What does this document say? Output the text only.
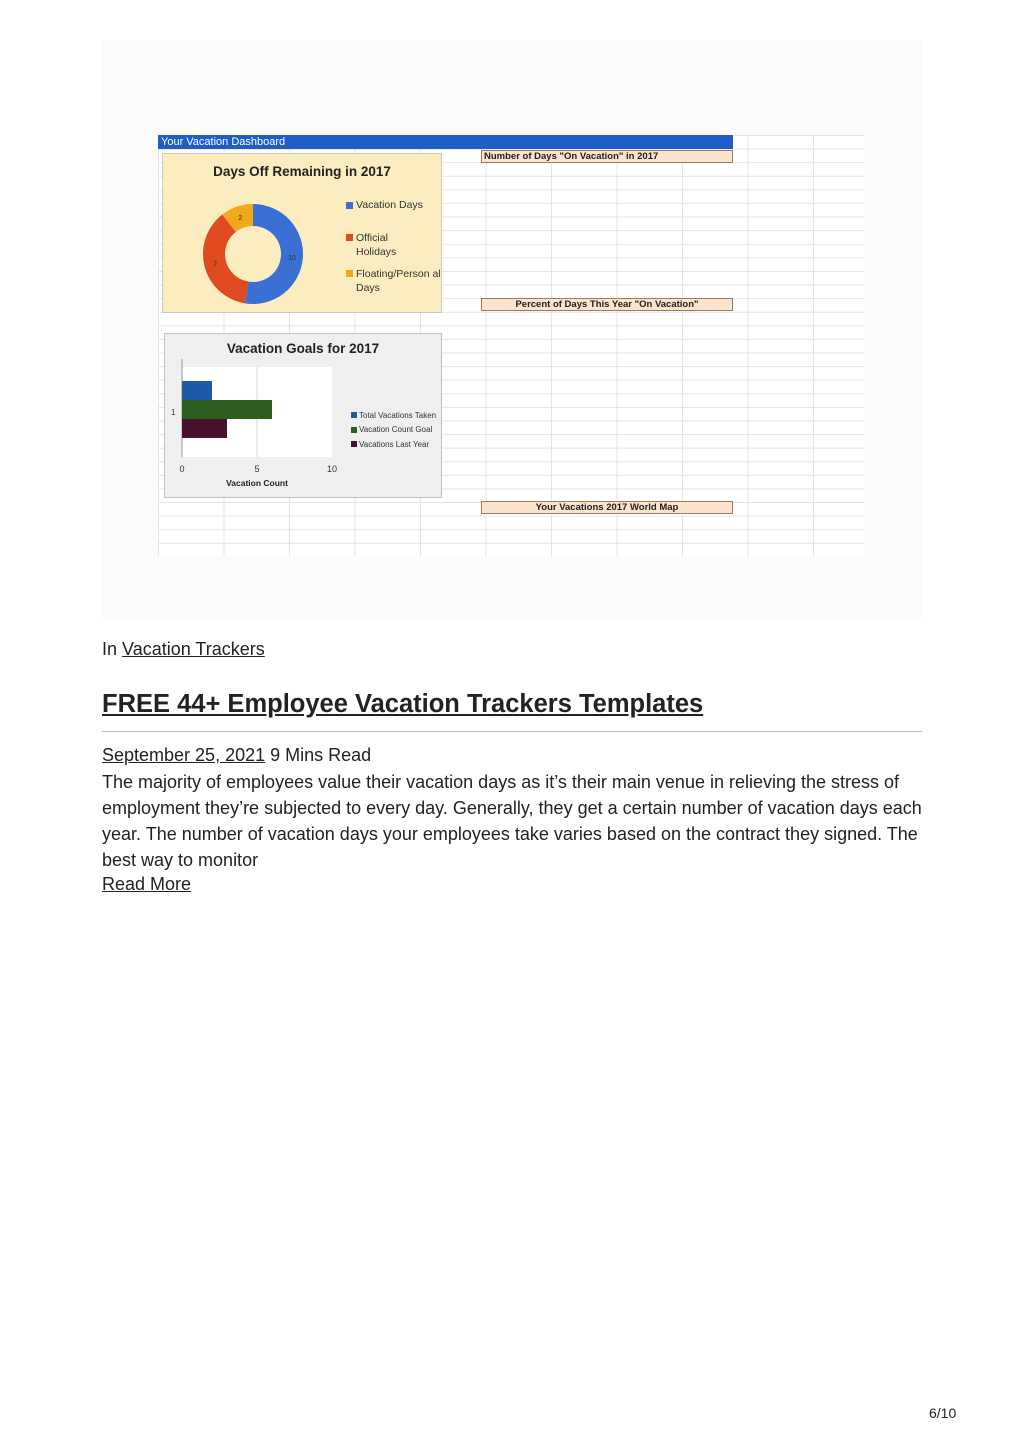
Your Vacation Dashboard
Number of Days "On Vacation" in 2017
Percent of Days This Year "On Vacation"
Your Vacations 2017 World Map
Days Off Remaining in 2017
10
7
2
Vacation Days
Official Holidays
Floating/Person al Days
Vacation Goals for 2017
1
0	5	10
Vacation Count
Total Vacations Taken
Vacation Count Goal
Vacations Last Year
In Vacation Trackers
FREE 44+ Employee Vacation Trackers Templates
September 25, 2021 9 Mins Read

The majority of employees value their vacation days as it’s their main venue in relieving the stress of employment they’re subjected to every day. Generally, they get a certain number of vacation days each year. The number of vacation days your employees take varies based on the contract they signed. The best way to monitor

Read More
6/10
